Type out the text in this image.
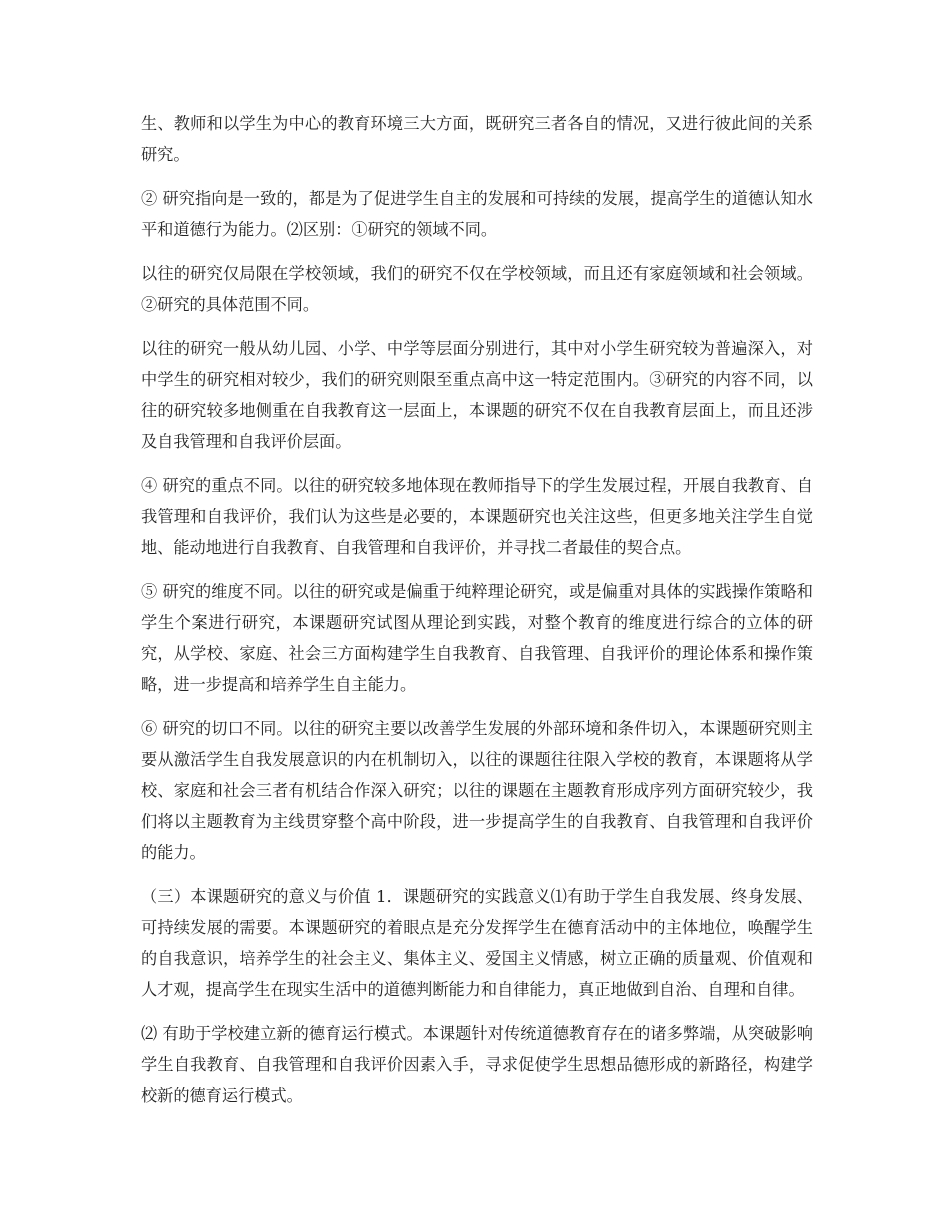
生、教师和以学生为中心的教育环境三大方面，既研究三者各自的情况，又进行彼此间的关系研究。

② 研究指向是一致的，都是为了促进学生自主的发展和可持续的发展，提高学生的道德认知水平和道德行为能力。⑵区别：①研究的领域不同。

以往的研究仅局限在学校领域，我们的研究不仅在学校领域，而且还有家庭领域和社会领域。②研究的具体范围不同。

以往的研究一般从幼儿园、小学、中学等层面分别进行，其中对小学生研究较为普遍深入，对中学生的研究相对较少，我们的研究则限至重点高中这一特定范围内。③研究的内容不同，以往的研究较多地侧重在自我教育这一层面上，本课题的研究不仅在自我教育层面上，而且还涉及自我管理和自我评价层面。

④ 研究的重点不同。以往的研究较多地体现在教师指导下的学生发展过程，开展自我教育、自我管理和自我评价，我们认为这些是必要的，本课题研究也关注这些，但更多地关注学生自觉地、能动地进行自我教育、自我管理和自我评价，并寻找二者最佳的契合点。

⑤ 研究的维度不同。以往的研究或是偏重于纯粹理论研究，或是偏重对具体的实践操作策略和学生个案进行研究，本课题研究试图从理论到实践，对整个教育的维度进行综合的立体的研究，从学校、家庭、社会三方面构建学生自我教育、自我管理、自我评价的理论体系和操作策略，进一步提高和培养学生自主能力。

⑥ 研究的切口不同。以往的研究主要以改善学生发展的外部环境和条件切入，本课题研究则主要从激活学生自我发展意识的内在机制切入，以往的课题往往限入学校的教育，本课题将从学校、家庭和社会三者有机结合作深入研究；以往的课题在主题教育形成序列方面研究较少，我们将以主题教育为主线贯穿整个高中阶段，进一步提高学生的自我教育、自我管理和自我评价的能力。

（三）本课题研究的意义与价值 1．课题研究的实践意义⑴有助于学生自我发展、终身发展、可持续发展的需要。本课题研究的着眼点是充分发挥学生在德育活动中的主体地位，唤醒学生的自我意识，培养学生的社会主义、集体主义、爱国主义情感，树立正确的质量观、价值观和人才观，提高学生在现实生活中的道德判断能力和自律能力，真正地做到自治、自理和自律。

⑵ 有助于学校建立新的德育运行模式。本课题针对传统道德教育存在的诸多弊端，从突破影响学生自我教育、自我管理和自我评价因素入手，寻求促使学生思想品德形成的新路径，构建学校新的德育运行模式。
